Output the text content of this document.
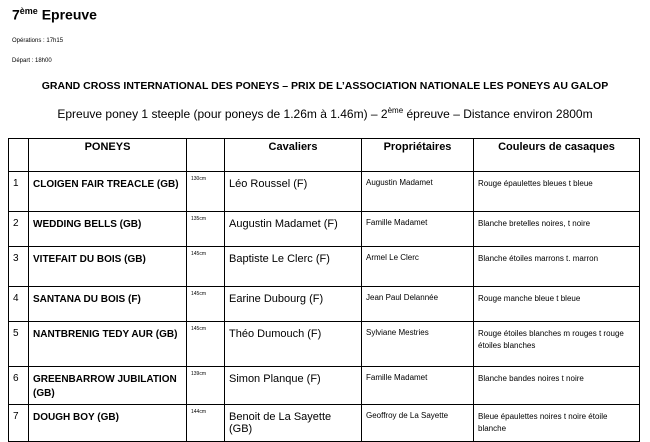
7ème Epreuve
Opérations : 17h15
Départ : 18h00
GRAND CROSS INTERNATIONAL DES PONEYS – PRIX DE L’ASSOCIATION NATIONALE LES PONEYS AU GALOP
Epreuve poney 1 steeple (pour poneys de 1.26m à 1.46m) – 2ème épreuve – Distance environ 2800m
	PONEYS		Cavaliers	Propriétaires	Couleurs de casaques
1	CLOIGEN FAIR TREACLE (GB)	130cm	Léo Roussel (F)	Augustin Madamet	Rouge épaulettes bleues t bleue
2	WEDDING BELLS (GB)	135cm	Augustin Madamet (F)	Famille Madamet	Blanche bretelles noires, t noire
3	VITEFAIT DU BOIS (GB)	145cm	Baptiste Le Clerc (F)	Armel Le Clerc	Blanche étoiles marrons t. marron
4	SANTANA DU BOIS (F)	145cm	Earine Dubourg (F)	Jean Paul Delannée	Rouge manche bleue t bleue
5	NANTBRENIG TEDY AUR (GB)	145cm	Théo Dumouch (F)	Sylviane Mestries	Rouge étoiles blanches m rouges t rouge étoiles blanches
6	GREENBARROW JUBILATION (GB)	139cm	Simon Planque (F)	Famille Madamet	Blanche bandes noires t noire
7	DOUGH BOY (GB)	144cm	Benoit de La Sayette (GB)	Geoffroy de La Sayette	Bleue épaulettes noires t noire étoile blanche
